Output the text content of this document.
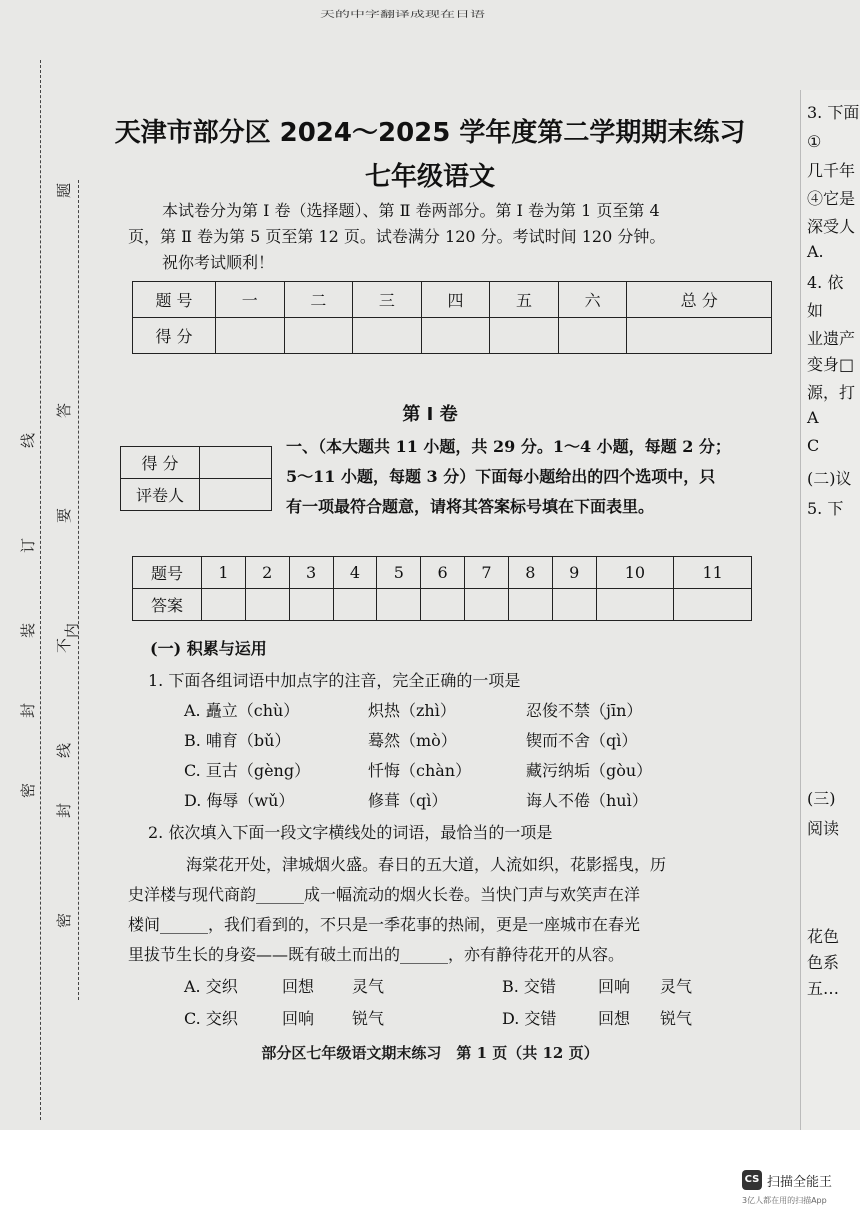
天的中字翻译成现在日语
题
答
要
不
内
线
订
装
封
密
线
封
密
天津市部分区 2024～2025 学年度第二学期期末练习
七年级语文
本试卷分为第 Ⅰ 卷（选择题）、第 Ⅱ 卷两部分。第 Ⅰ 卷为第 1 页至第 4
页，第 Ⅱ 卷为第 5 页至第 12 页。试卷满分 120 分。考试时间 120 分钟。
祝你考试顺利！
题 号	一	二	三	四	五	六	总 分
得 分							
第 Ⅰ 卷
得 分	
评卷人	
一、（本大题共 11 小题，共 29 分。1～4 小题，每题 2 分；
5～11 小题，每题 3 分）下面每小题给出的四个选项中，只
有一项最符合题意，请将其答案标号填在下面表里。
题号	1	2	3	4	5	6	7	8	9	10	11
答案											
(一) 积累与运用
1. 下面各组词语中加点字的注音，完全正确的一项是
A. 矗立（chù）	炽热（zhì）	忍俊不禁（jīn）
B. 哺育（bǔ）	蓦然（mò）	锲而不舍（qì）
C. 亘古（gèng）	忏悔（chàn）	藏污纳垢（gòu）
D. 侮辱（wǔ）	修葺（qì）	诲人不倦（huì）
2. 依次填入下面一段文字横线处的词语，最恰当的一项是
海棠花开处，津城烟火盛。春日的五大道，人流如织，花影摇曳，历
史洋楼与现代商韵______成一幅流动的烟火长卷。当快门声与欢笑声在洋
楼间______，我们看到的，不只是一季花事的热闹，更是一座城市在春光
里拔节生长的身姿——既有破土而出的______，亦有静待花开的从容。
A. 交织	回想 灵气	B. 交错	回响 灵气
C. 交织	回响 锐气	D. 交错	回想 锐气
部分区七年级语文期末练习　第 1 页（共 12 页）
3. 下面
①
几千年
④它是
深受人
A.
4. 依
如
业遗产
变身□
源，打
A
C
(二)议
5. 下
(三)
阅读
花色
色系
五…
CS 扫描全能王
3亿人都在用的扫描App
